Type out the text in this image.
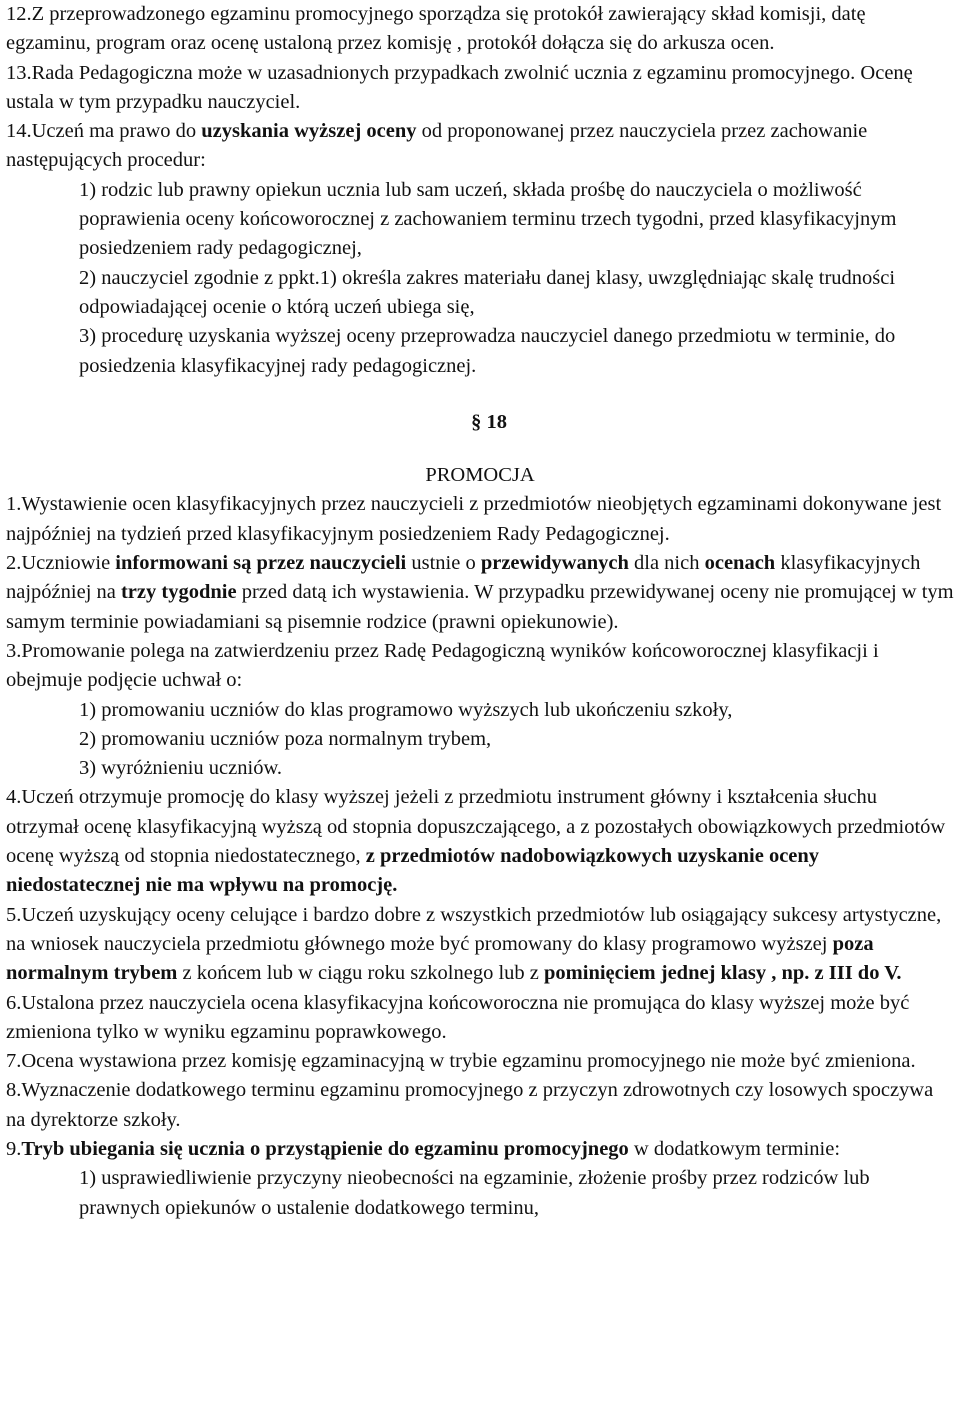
12.Z przeprowadzonego egzaminu promocyjnego sporządza się protokół zawierający skład komisji, datę egzaminu, program oraz ocenę ustaloną przez komisję , protokół dołącza się do arkusza ocen.

13.Rada Pedagogiczna może w uzasadnionych przypadkach zwolnić ucznia z egzaminu promocyjnego. Ocenę ustala w tym przypadku nauczyciel.

14.Uczeń ma prawo do uzyskania wyższej oceny od proponowanej przez nauczyciela przez zachowanie następujących procedur:

1) rodzic lub prawny opiekun ucznia lub sam uczeń, składa prośbę do nauczyciela o możliwość poprawienia oceny końcoworocznej z zachowaniem terminu trzech tygodni, przed klasyfikacyjnym posiedzeniem rady pedagogicznej,

2) nauczyciel zgodnie z ppkt.1) określa zakres materiału danej klasy, uwzględniając skalę trudności odpowiadającej ocenie o którą uczeń ubiega się,

3) procedurę uzyskania wyższej oceny przeprowadza nauczyciel danego przedmiotu w terminie, do posiedzenia klasyfikacyjnej rady pedagogicznej.

§ 18

PROMOCJA

1.Wystawienie ocen klasyfikacyjnych przez nauczycieli z przedmiotów nieobjętych egzaminami dokonywane jest najpóźniej na tydzień przed klasyfikacyjnym posiedzeniem Rady Pedagogicznej.

2.Uczniowie informowani są przez nauczycieli ustnie o przewidywanych dla nich ocenach klasyfikacyjnych najpóźniej na trzy tygodnie przed datą ich wystawienia. W przypadku przewidywanej oceny nie promującej w tym samym terminie powiadamiani są pisemnie rodzice (prawni opiekunowie).

3.Promowanie polega na zatwierdzeniu przez Radę Pedagogiczną wyników końcoworocznej klasyfikacji i obejmuje podjęcie uchwał o:

1) promowaniu uczniów do klas programowo wyższych lub ukończeniu szkoły,

2) promowaniu uczniów poza normalnym trybem,

3) wyróżnieniu uczniów.

4.Uczeń otrzymuje promocję do klasy wyższej jeżeli z przedmiotu instrument główny i kształcenia słuchu otrzymał ocenę klasyfikacyjną wyższą od stopnia dopuszczającego, a z pozostałych obowiązkowych przedmiotów ocenę wyższą od stopnia niedostatecznego, z przedmiotów nadobowiązkowych uzyskanie oceny niedostatecznej nie ma wpływu na promocję.

5.Uczeń uzyskujący oceny celujące i bardzo dobre z wszystkich przedmiotów lub osiągający sukcesy artystyczne, na wniosek nauczyciela przedmiotu głównego może być promowany do klasy programowo wyższej poza normalnym trybem z końcem lub w ciągu roku szkolnego lub z pominięciem jednej klasy , np. z III do V.

6.Ustalona przez nauczyciela ocena klasyfikacyjna końcoworoczna nie promująca do klasy wyższej może być zmieniona tylko w wyniku egzaminu poprawkowego.

7.Ocena wystawiona przez komisję egzaminacyjną w trybie egzaminu promocyjnego nie może być zmieniona.

8.Wyznaczenie dodatkowego terminu egzaminu promocyjnego z przyczyn zdrowotnych czy losowych spoczywa na dyrektorze szkoły.

9.Tryb ubiegania się ucznia o przystąpienie do egzaminu promocyjnego w dodatkowym terminie:

1) usprawiedliwienie przyczyny nieobecności na egzaminie, złożenie prośby przez rodziców lub prawnych opiekunów o ustalenie dodatkowego terminu,
